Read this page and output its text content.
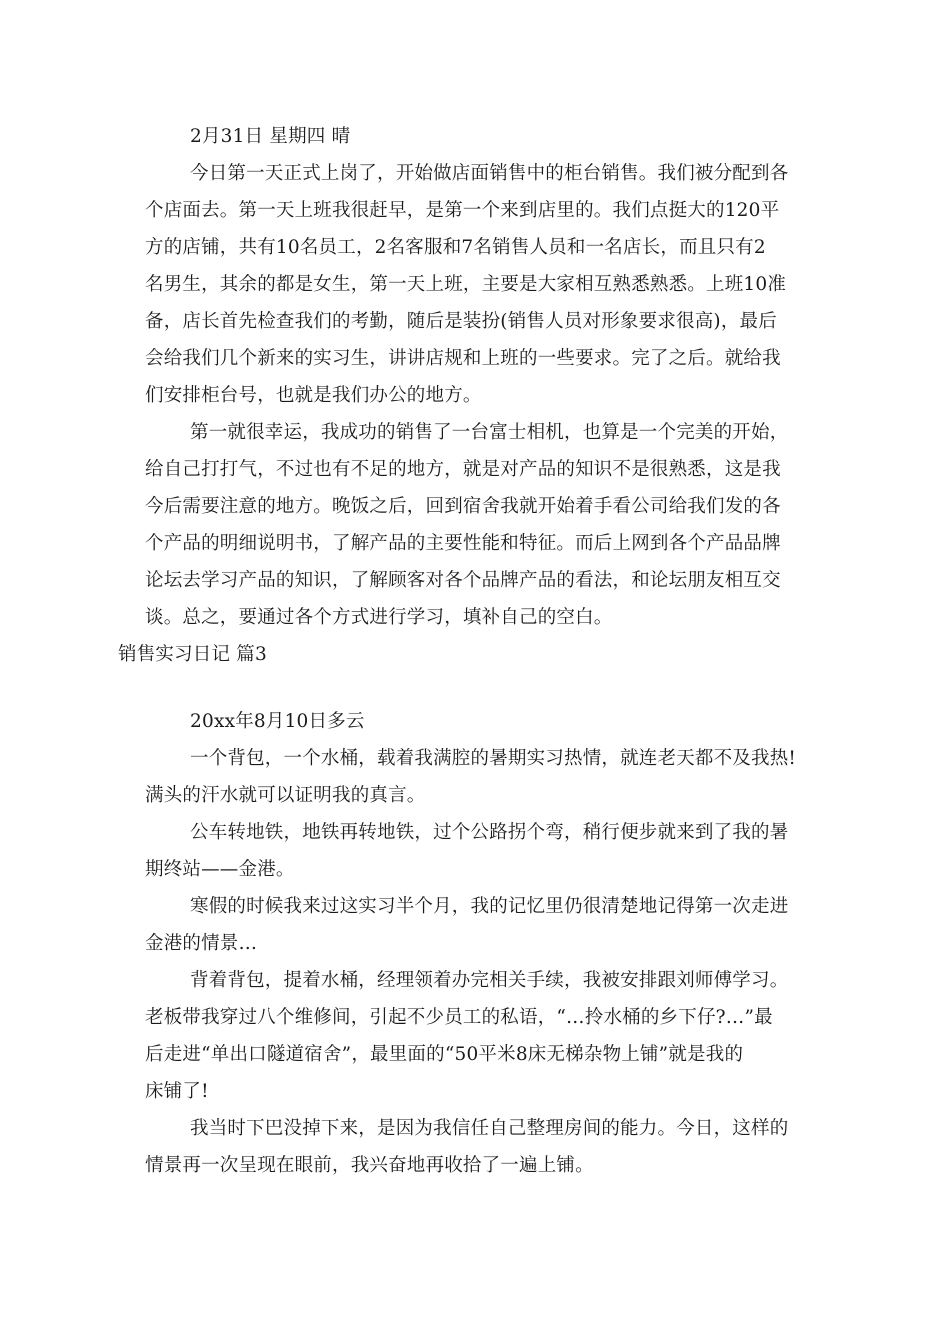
2月31日 星期四 晴
今日第一天正式上岗了，开始做店面销售中的柜台销售。我们被分配到各
个店面去。第一天上班我很赶早，是第一个来到店里的。我们点挺大的120平
方的店铺，共有10名员工，2名客服和7名销售人员和一名店长，而且只有2
名男生，其余的都是女生，第一天上班，主要是大家相互熟悉熟悉。上班10准
备，店长首先检查我们的考勤，随后是装扮(销售人员对形象要求很高)，最后
会给我们几个新来的实习生，讲讲店规和上班的一些要求。完了之后。就给我
们安排柜台号，也就是我们办公的地方。
第一就很幸运，我成功的销售了一台富士相机，也算是一个完美的开始，
给自己打打气，不过也有不足的地方，就是对产品的知识不是很熟悉，这是我
今后需要注意的地方。晚饭之后，回到宿舍我就开始着手看公司给我们发的各
个产品的明细说明书，了解产品的主要性能和特征。而后上网到各个产品品牌
论坛去学习产品的知识，了解顾客对各个品牌产品的看法，和论坛朋友相互交
谈。总之，要通过各个方式进行学习，填补自己的空白。
销售实习日记 篇3
20xx年8月10日多云
一个背包，一个水桶，载着我满腔的暑期实习热情，就连老天都不及我热!
满头的汗水就可以证明我的真言。
公车转地铁，地铁再转地铁，过个公路拐个弯，稍行便步就来到了我的暑
期终站——金港。
寒假的时候我来过这实习半个月，我的记忆里仍很清楚地记得第一次走进
金港的情景…
背着背包，提着水桶，经理领着办完相关手续，我被安排跟刘师傅学习。
老板带我穿过八个维修间，引起不少员工的私语，“…拎水桶的乡下仔?…”最
后走进“单出口隧道宿舍”，最里面的“50平米8床无梯杂物上铺”就是我的
床铺了!
我当时下巴没掉下来，是因为我信任自己整理房间的能力。今日，这样的
情景再一次呈现在眼前，我兴奋地再收拾了一遍上铺。
